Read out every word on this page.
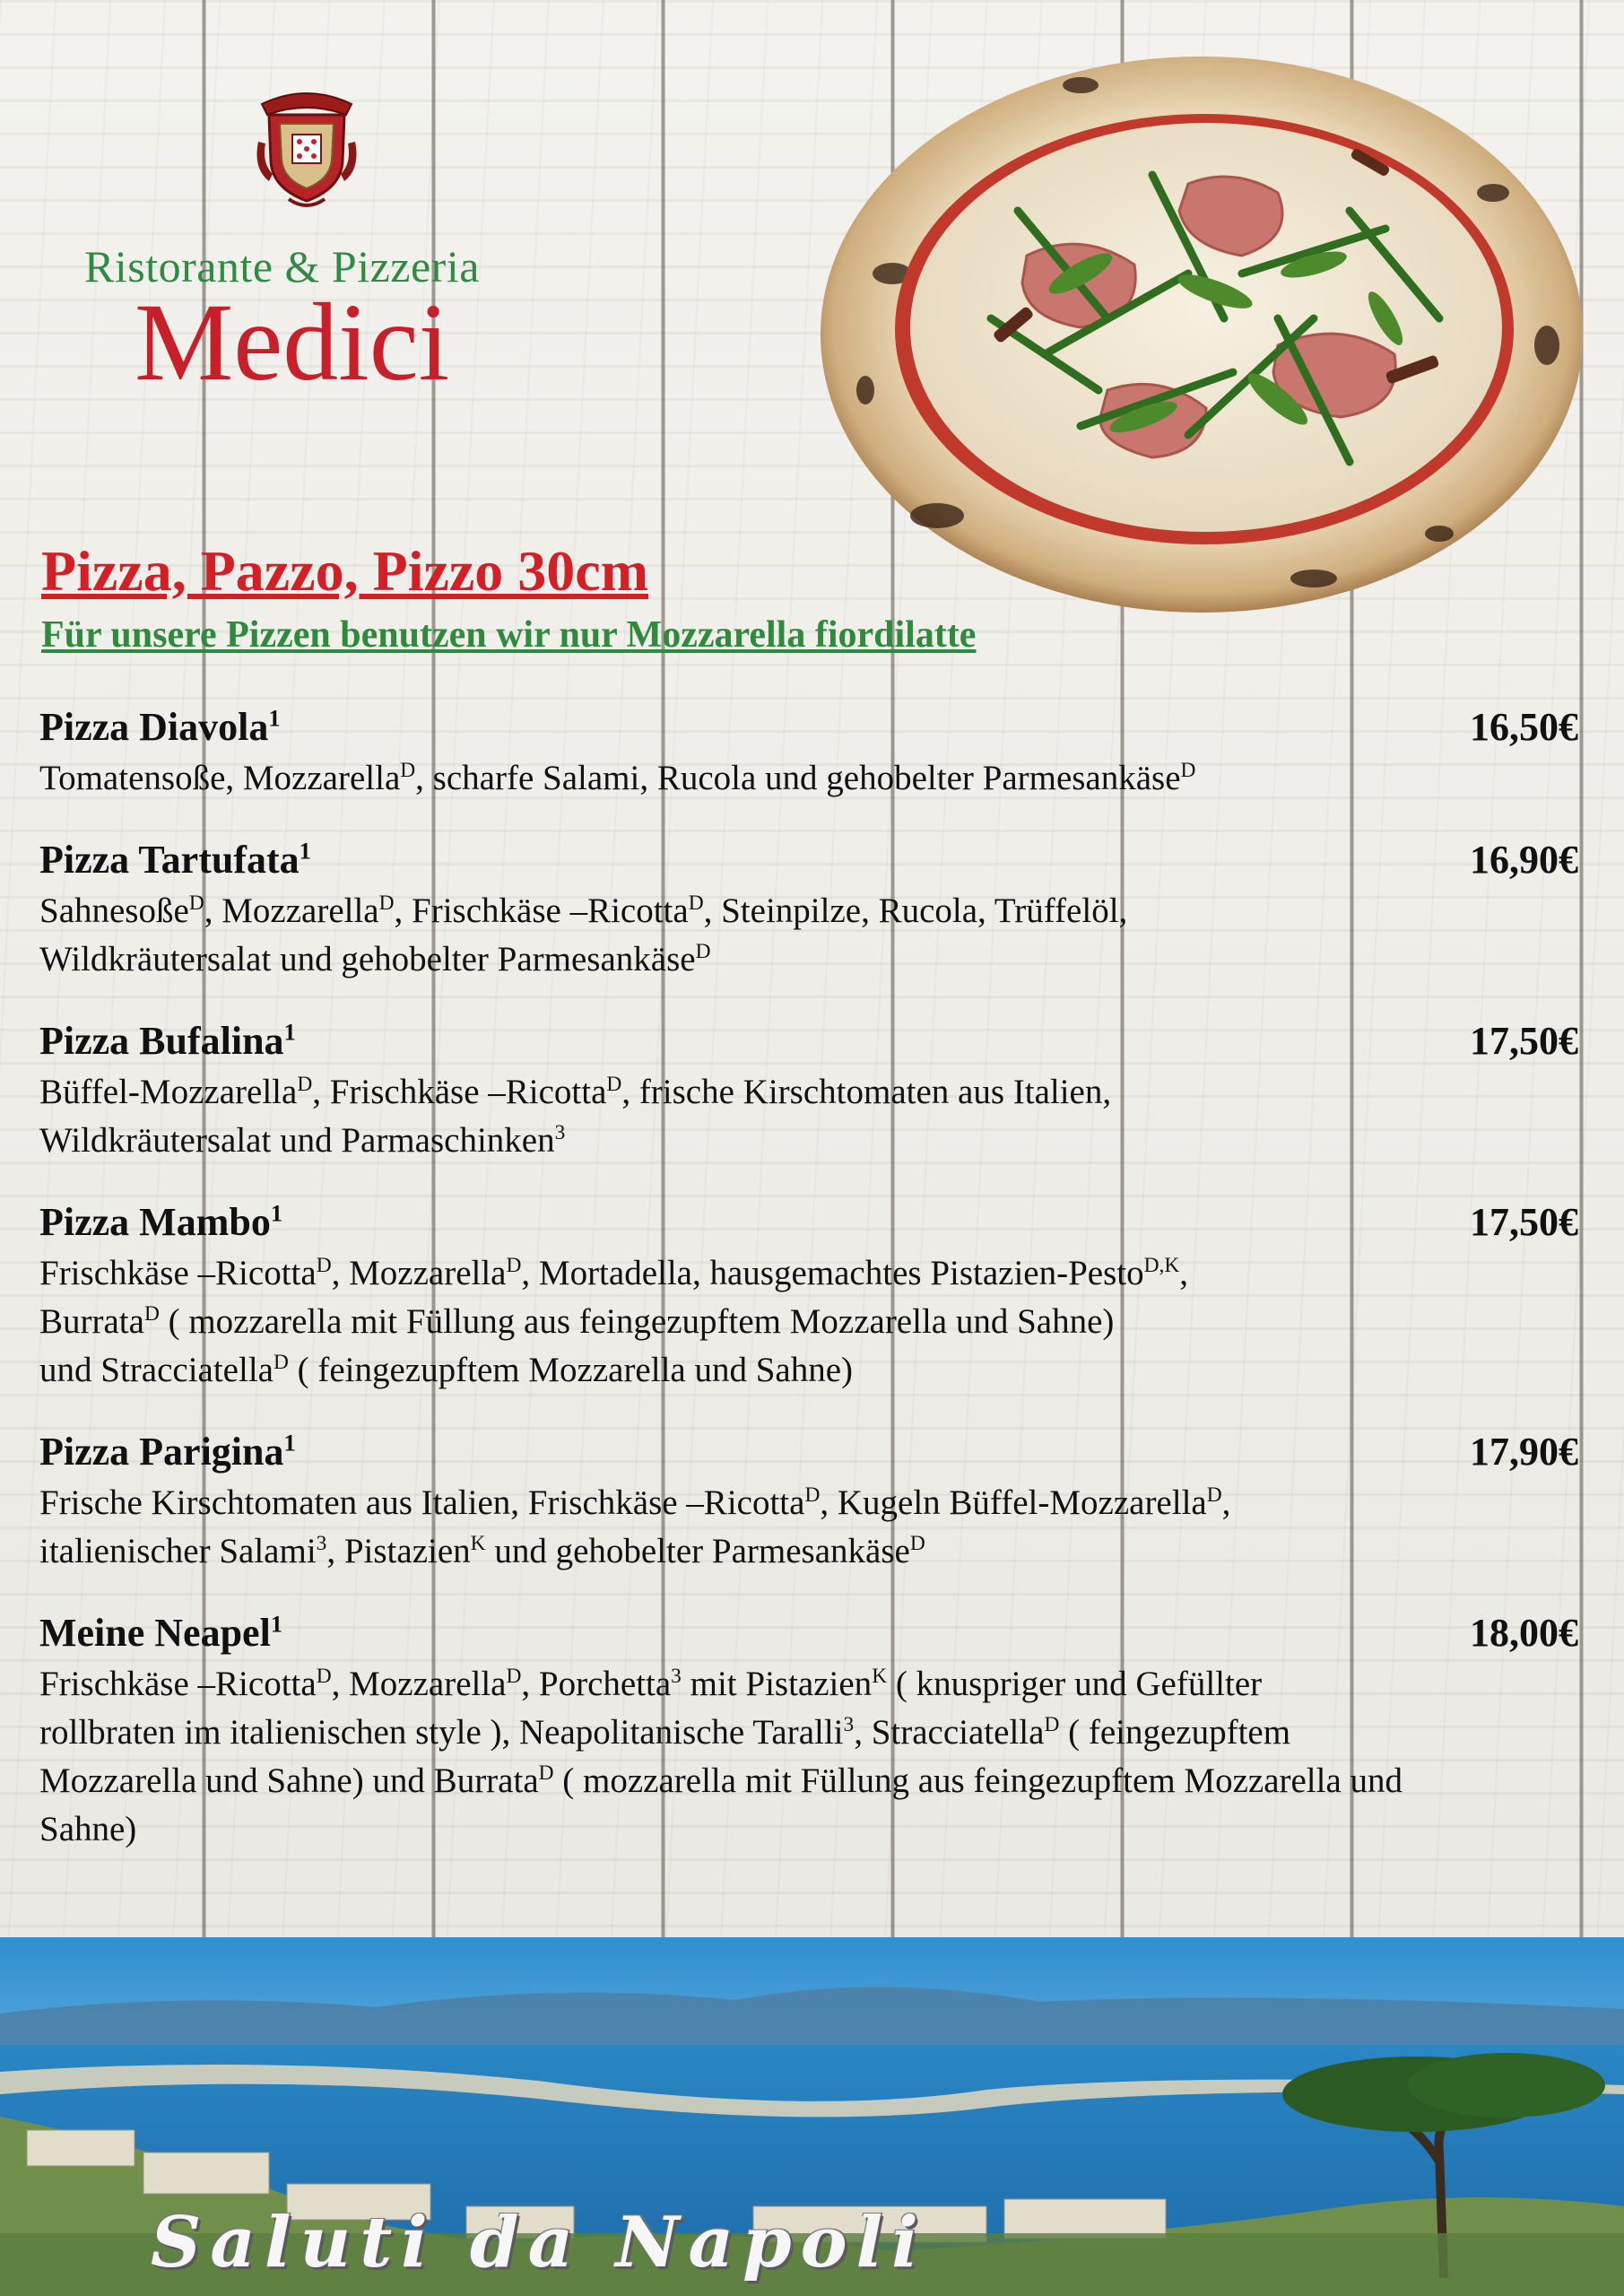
Ristorante & Pizzeria
Medici
Pizza, Pazzo, Pizzo 30cm
Für unsere Pizzen benutzen wir nur Mozzarella fiordilatte
Pizza Diavola$^1$	16,50€
Tomatensoße, Mozzarella$^D$, scharfe Salami, Rucola und gehobelter Parmesankäse$^D$
Pizza Tartufata$^1$	16,90€
Sahnesoße$^D$, Mozzarella$^D$, Frischkäse –Ricotta$^D$, Steinpilze, Rucola, Trüffelöl,
Wildkräutersalat und gehobelter Parmesankäse$^D$
Pizza Bufalina$^1$	17,50€
Büffel-Mozzarella$^D$, Frischkäse –Ricotta$^D$, frische Kirschtomaten aus Italien,
Wildkräutersalat und Parmaschinken$^3$
Pizza Mambo$^1$	17,50€
Frischkäse –Ricotta$^D$, Mozzarella$^D$, Mortadella, hausgemachtes Pistazien-Pesto$^{D,K}$,
Burrata$^D$ ( mozzarella mit Füllung aus feingezupftem Mozzarella und Sahne)
und Stracciatella$^D$ ( feingezupftem Mozzarella und Sahne)
Pizza Parigina$^1$	17,90€
Frische Kirschtomaten aus Italien, Frischkäse –Ricotta$^D$, Kugeln Büffel-Mozzarella$^D$,
italienischer Salami$^3$, Pistazien$^K$ und gehobelter Parmesankäse$^D$
Meine Neapel$^1$	18,00€
Frischkäse –Ricotta$^D$, Mozzarella$^D$, Porchetta$^3$ mit Pistazien$^K$ ( knuspriger und Gefüllter
rollbraten im italienischen style ), Neapolitanische Taralli$^3$, Stracciatella$^D$ ( feingezupftem
Mozzarella und Sahne) und Burrata$^D$ ( mozzarella mit Füllung aus feingezupftem Mozzarella und
Sahne)
Saluti da Napoli
